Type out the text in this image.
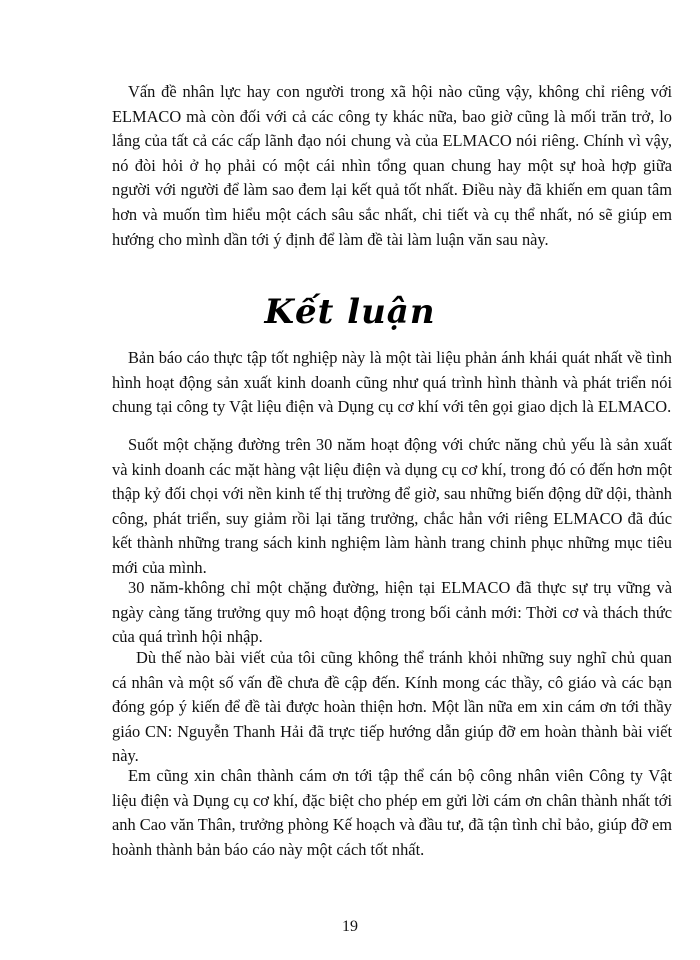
Vấn đề nhân lực hay con người trong xã hội nào cũng vậy, không chỉ riêng với ELMACO mà còn đối với cả các công ty khác nữa, bao giờ cũng là mối trăn trở, lo lắng của tất cả các cấp lãnh đạo nói chung và của ELMACO nói riêng. Chính vì vậy, nó đòi hỏi ở họ phải có một cái nhìn tổng quan chung hay một sự hoà hợp giữa người với người để làm sao đem lại kết quả tốt nhất. Điều này đã khiến em quan tâm hơn và muốn tìm hiểu một cách sâu sắc nhất, chi tiết và cụ thể nhất, nó sẽ giúp em hướng cho mình dần tới ý định để làm đề tài làm luận văn sau này.

Kết luận

Bản báo cáo thực tập tốt nghiệp này là một tài liệu phản ánh khái quát nhất về tình hình hoạt động sản xuất kinh doanh cũng như quá trình hình thành và phát triển nói chung tại công ty Vật liệu điện và Dụng cụ cơ khí với tên gọi giao dịch là ELMACO.

Suốt một chặng đường trên 30 năm hoạt động với chức năng chủ yếu là sản xuất và kinh doanh các mặt hàng vật liệu điện và dụng cụ cơ khí, trong đó có đến hơn một thập kỷ đối chọi với nền kinh tế thị trường để giờ, sau những biến động dữ dội, thành công, phát triển, suy giảm rồi lại tăng trưởng, chắc hẳn với riêng ELMACO đã đúc kết thành những trang sách kinh nghiệm làm hành trang chinh phục những mục tiêu mới của mình.

30 năm-không chỉ một chặng đường, hiện tại ELMACO đã thực sự trụ vững và ngày càng tăng trưởng quy mô hoạt động trong bối cảnh mới: Thời cơ và thách thức của quá trình hội nhập.

Dù thế nào bài viết của tôi cũng không thể tránh khỏi những suy nghĩ chủ quan cá nhân và một số vấn đề chưa đề cập đến. Kính mong các thầy, cô giáo và các bạn đóng góp ý kiến để đề tài được hoàn thiện hơn. Một lần nữa em xin cám ơn tới thầy giáo CN: Nguyễn Thanh Hải đã trực tiếp hướng dẫn giúp đỡ em hoàn thành bài viết này.

Em cũng xin chân thành cám ơn tới tập thể cán bộ công nhân viên Công ty Vật liệu điện và Dụng cụ cơ khí, đặc biệt cho phép em gửi lời cám ơn chân thành nhất tới anh Cao văn Thân, trưởng phòng Kế hoạch và đầu tư, đã tận tình chỉ bảo, giúp đỡ em hoành thành bản báo cáo này một cách tốt nhất.

19
